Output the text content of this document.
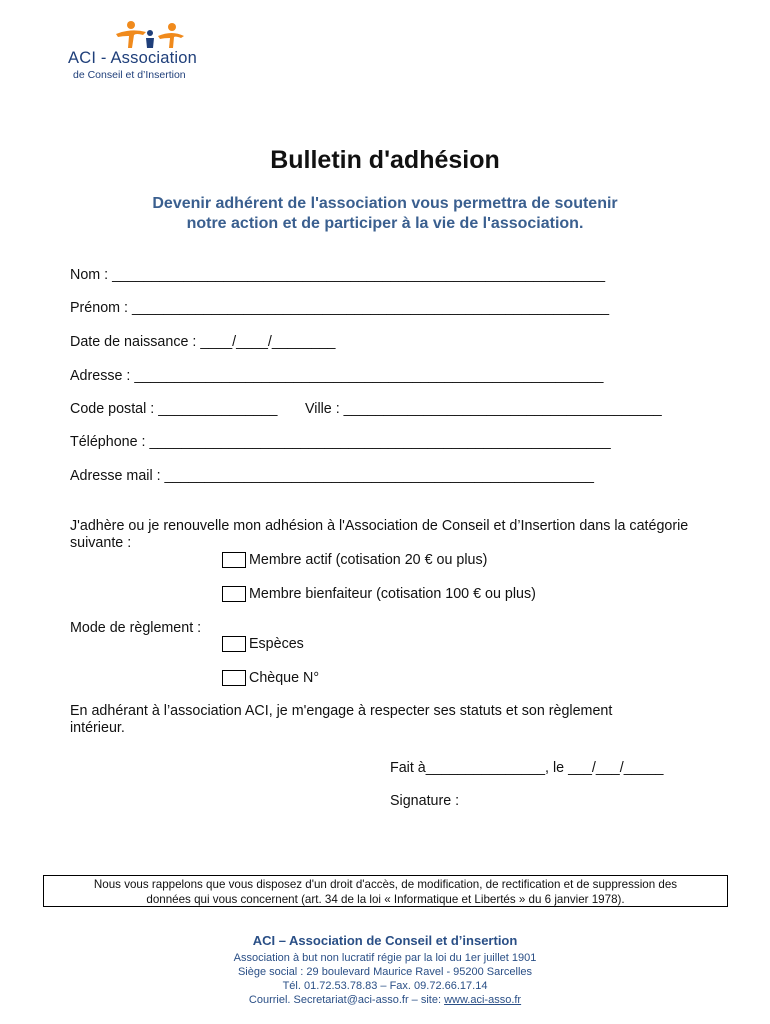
ACI - Association
de Conseil et d’Insertion
Bulletin d'adhésion
Devenir adhérent de l'association vous permettra de soutenir
notre action et de participer à la vie de l'association.
Nom : ______________________________________________________________
Prénom : ____________________________________________________________
Date de naissance : ____/____/________
Adresse : ___________________________________________________________
Code postal : _______________ Ville : ________________________________________
Téléphone : __________________________________________________________
Adresse mail : ______________________________________________________
J'adhère ou je renouvelle mon adhésion à l'Association de Conseil et d’Insertion dans la catégorie suivante :
Membre actif (cotisation 20 € ou plus)
Membre bienfaiteur (cotisation 100 € ou plus)
Mode de règlement :
Espèces
Chèque N°
En adhérant à l’association ACI, je m'engage à respecter ses statuts et son règlement intérieur.
Fait à_______________, le ___/___/_____
Signature :
Nous vous rappelons que vous disposez d'un droit d'accès, de modification, de rectification et de suppression des
données qui vous concernent (art. 34 de la loi « Informatique et Libertés » du 6 janvier 1978).
ACI – Association de Conseil et d’insertion
Association à but non lucratif régie par la loi du 1er juillet 1901
Siège social : 29 boulevard Maurice Ravel - 95200 Sarcelles
Tél. 01.72.53.78.83 – Fax. 09.72.66.17.14
Courriel. Secretariat@aci-asso.fr – site: www.aci-asso.fr
